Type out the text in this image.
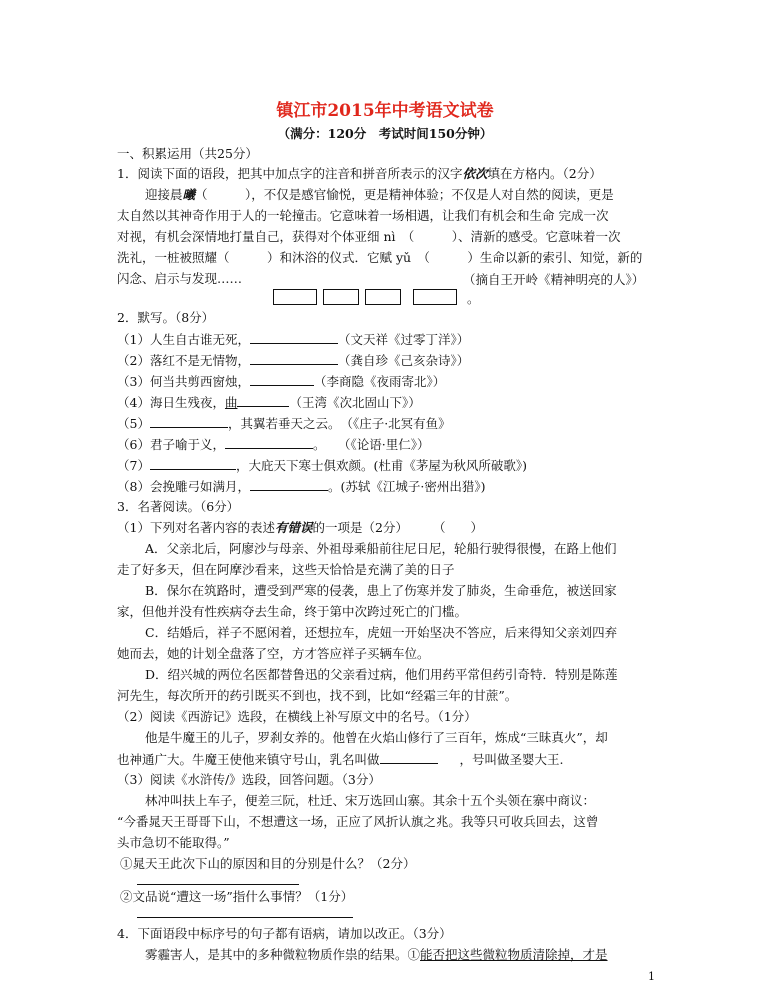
镇江市2015年中考语文试卷
（满分：120分　考试时间150分钟）
一、积累运用（共25分）
1．阅读下面的语段，把其中加点字的注音和拼音所表示的汉字依次填在方格内。（2分）
迎接晨曦（　　　），不仅是感官愉悦，更是精神体验；不仅是人对自然的阅读，更是
太自然以其神奇作用于人的一轮撞击。它意味着一场相遇，让我们有机会和生命 完成一次
对视，有机会深情地打量自己，获得对个体亚细 nì　（　　　）、清新的感受。它意味着一次
洗礼，一桩被照耀（　　　）和沐浴的仪式．它赋 yǔ　（　　　）生命以新的索引、知觉，新的
闪念、启示与发现……	（摘自王开岭《精神明亮的人》）
。
2．默写。（8分）
（1）人生自古谁无死，	（文天祥《过零丁洋》）
（2）落红不是无情物，	（龚自珍《己亥杂诗》）
（3）何当共剪西窗烛，	（李商隐《夜雨寄北》）
（4）海日生残夜，曲	（王湾《次北固山下》）
（5）	，其翼若垂天之云。　（《庄子·北冥有鱼》
（6）君子喻于义，	。　　（《论语·里仁》）
（7）	，大庇天下寒士俱欢颜。(杜甫《茅屋为秋风所破歌》)
（8）会挽雕弓如满月，	。(苏轼《江城子·密州出猎》)
3．名著阅读。（6分）
（1）下列对名著内容的表述有错误的一项是（2分）　　　（　　）
A．父亲北后，阿廖沙与母亲、外祖母乘船前往尼日尼，轮船行驶得很慢，在路上他们
走了好多天，但在阿摩沙看来，这些天恰恰是充满了美的日子
B．保尔在筑路时，遭受到严寒的侵袭，患上了伤寒并发了肺炎，生命垂危，被送回家
家，但他并没有性疾病夺去生命，终于第中次跨过死亡的门槛。
C．结婚后，祥子不愿闲着，还想拉车，虎妞一开始坚决不答应，后来得知父亲刘四弃
她而去，她的计划全盘落了空，方才答应祥子买辆车位。
D．绍兴城的两位名医都替鲁迅的父亲看过病，他们用药平常但药引奇特．特别是陈莲
河先生，每次所开的药引既买不到也，找不到，比如“经霜三年的甘蔗”。
（2）阅读《西游记》选段，在横线上补写原文中的名号。（1分）
他是牛魔王的儿子，罗刹女养的。他曾在火焰山修行了三百年，炼成“三昧真火”，却
也神通广大。牛魔王使他来镇守号山，乳名叫做	，号叫做圣婴大王.
（3）阅读《水浒传/》选段，回答问题。（3分）
林冲叫扶上车子，便差三阮，杜迁、宋万选回山寨。其余十五个头领在寨中商议：
“今番晁天王哥哥下山，不想遭这一场，正应了风折认旗之兆。我等只可收兵回去，这曾
头市急切不能取得。”
①晁天王此次下山的原因和目的分别是什么？（2分）
②文品说“遭这一场”指什么事情？（1分）
4．下面语段中标序号的句子都有语病，请加以改正。（3分）
雾霾害人，是其中的多种微粒物质作祟的结果。①能否把这些微粒物质清除掉，才是
1
